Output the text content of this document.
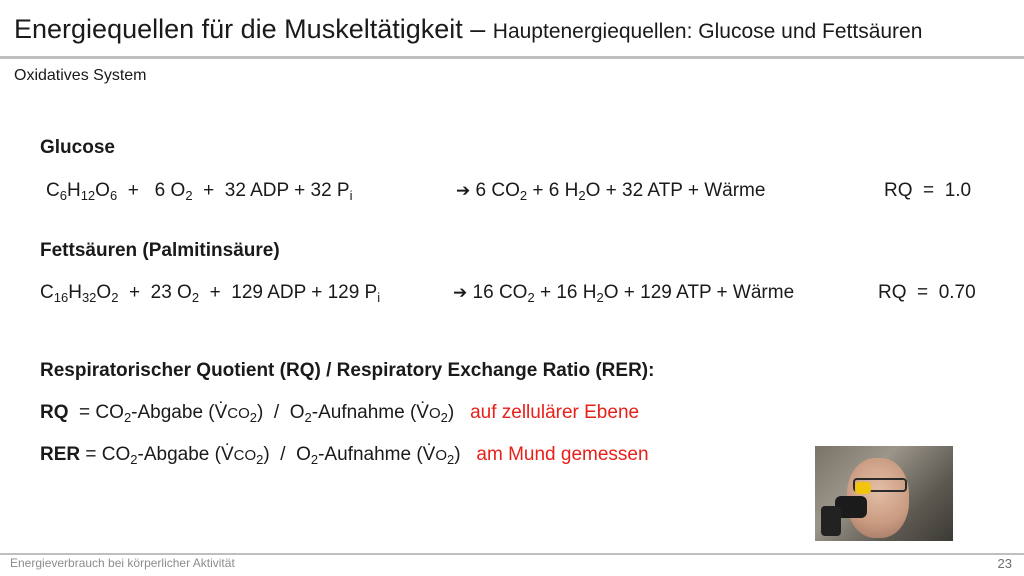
Energiequellen für die Muskeltätigkeit – Hauptenergiequellen: Glucose und Fettsäuren
Oxidatives System
Glucose
$C_6H_{12}O_6 + 6$ $O_2 + 32$ ADP + 32 $P_i$	➔ 6 $CO_2 + 6$ $H_2O + 32$ ATP + Wärme	RQ  =  1.0
Fettsäuren (Palmitinsäure)
$C_{16}H_{32}O_2 + 23$ $O_2 + 129$ ADP + 129 $P_i$	➔ 16 $CO_2 + 16$ $H_2O + 129$ ATP + Wärme	RQ  =  0.70
Respiratorischer Quotient (RQ) / Respiratory Exchange Ratio (RER):
RQ  = $CO_2$-Abgabe $(V̇CO_2)$  /  $O_2$-Aufnahme $(V̇O_2)$ auf zellulärer Ebene
RER = $CO_2$-Abgabe $(V̇CO_2)$  /  $O_2$-Aufnahme $(V̇O_2)$ am Mund gemessen
Energieverbrauch bei körperlicher Aktivität	23
